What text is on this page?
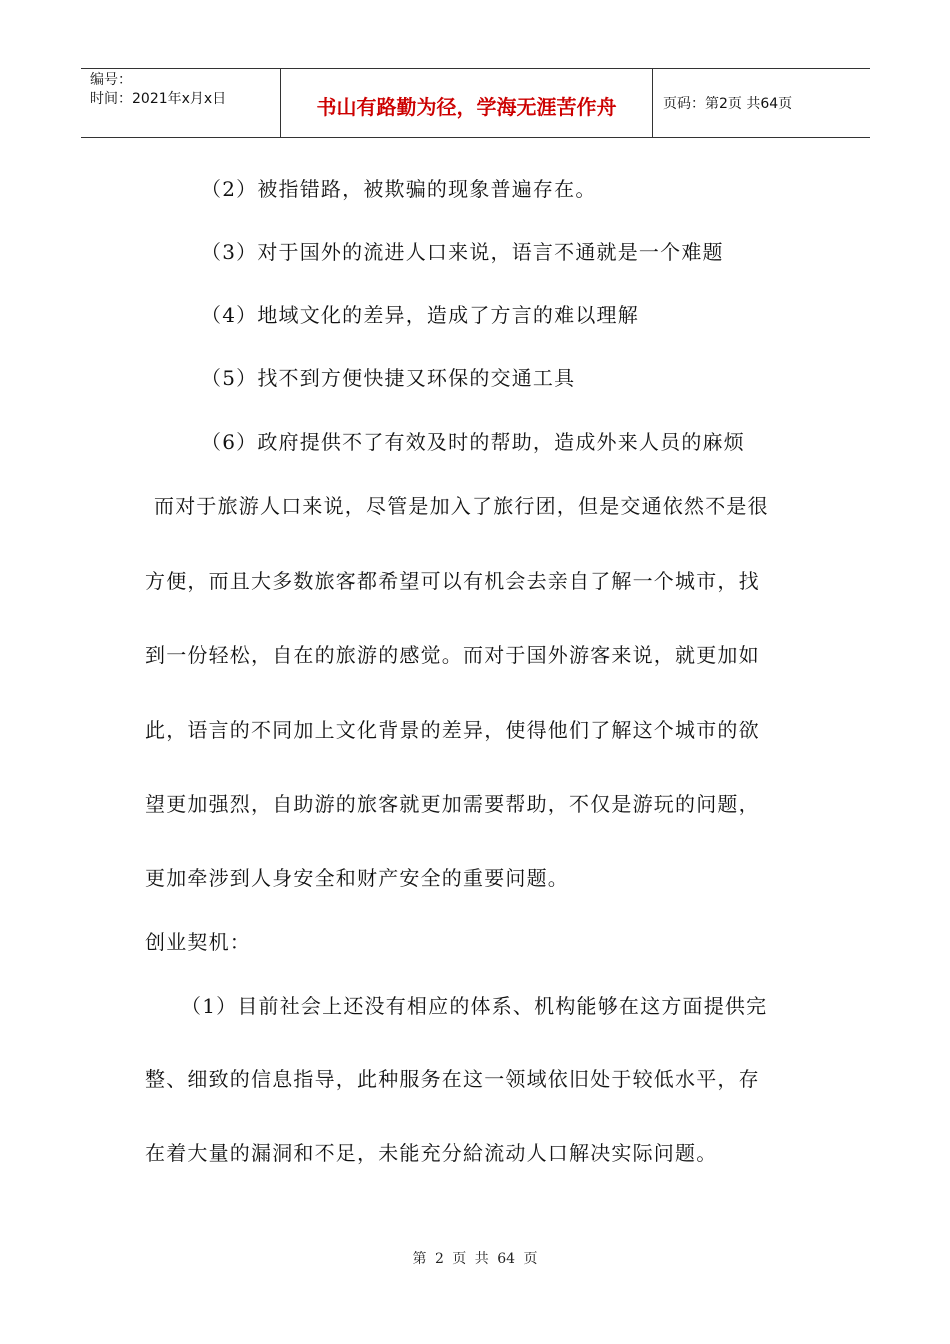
编号：
时间：2021年x月x日	书山有路勤为径，学海无涯苦作舟	页码：第2页 共64页
（2）被指错路，被欺骗的现象普遍存在。
（3）对于国外的流进人口来说，语言不通就是一个难题
（4）地域文化的差异，造成了方言的难以理解
（5）找不到方便快捷又环保的交通工具
（6）政府提供不了有效及时的帮助，造成外来人员的麻烦
而对于旅游人口来说，尽管是加入了旅行团，但是交通依然不是很
方便，而且大多数旅客都希望可以有机会去亲自了解一个城市，找
到一份轻松，自在的旅游的感觉。而对于国外游客来说，就更加如
此，语言的不同加上文化背景的差异，使得他们了解这个城市的欲
望更加强烈，自助游的旅客就更加需要帮助，不仅是游玩的问题，
更加牵涉到人身安全和财产安全的重要问题。
创业契机：
（1）目前社会上还没有相应的体系、机构能够在这方面提供完
整、细致的信息指导，此种服务在这一领域依旧处于较低水平，存
在着大量的漏洞和不足，未能充分給流动人口解决实际问题。
第 2 页 共 64 页
